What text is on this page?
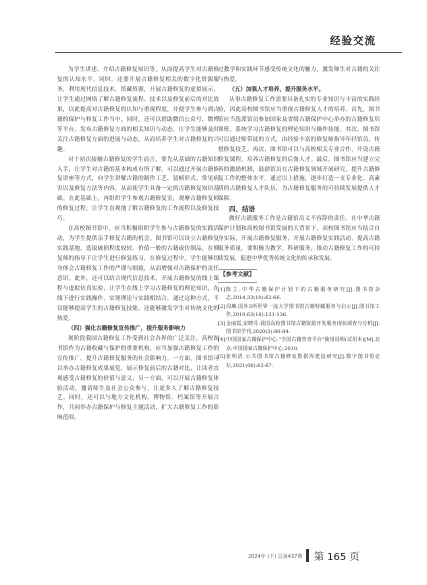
经验交流

为学生讲述、介绍古籍修复知识等，从而提高学生对古籍修复的认知水平。同时，还要开展古籍修复相关的数字化资源服务，利用现代信息技术、馆藏资源，开展古籍修复的虚拟展示，让学生通过网络了解古籍修复流程、技术以及修复前后的对比效果，以此提高对古籍修复的认知与重视程度，并使学生参与到古籍的保护与修复工作当中。同时，还可以借助微信公众号、微博等平台，发布古籍修复方面的相关知识与动态，让学生能够及时关注古籍修复方面的进展与动态，从而培养学生对古籍修复的兴趣。

对于初次接触古籍修复的学生而言，要先从基础的古籍知识入手，让学生对古籍的基本构成有所了解。可以通过开展古籍修复讲座等方式，向学生讲解古籍的制作工艺、装帧形式、常见病害以及修复方法等内容，从而使学生具备一定的古籍修复知识基础。在此基础上，再组织学生参观古籍修复室，观摩古籍修复师的修复过程，让学生直观地了解古籍修复的工作流程以及修复技巧。

在高校图书馆中，应当积极组织学生参与古籍修复的实践活动，为学生提供亲手修复古籍的机会。图书馆可以设立古籍修复实践基地，选取破损程度较轻、价值一般的古籍或仿制品，在修复师的指导下让学生进行修复练习。在修复过程中，学生能够切身体会古籍修复工作的严谨与细致，从而增强对古籍保护的责任意识。此外，还可以结合现代信息技术，开展古籍修复的线上课程与虚拟仿真实验，让学生在线上学习古籍修复的理论知识，在线下进行实践操作，实现理论与实践相结合。通过这种方式，不仅能够提高学生的古籍修复技能，还能够激发学生对传统文化的热爱。

（四）强化古籍修复宣传推广，提升服务影响力

现阶段我国古籍修复工作受到社会各界的广泛关注，高校图书馆作为古籍收藏与保护的重要机构，应当加强古籍修复工作的宣传推广，提升古籍修复服务的社会影响力。一方面，图书馆可以举办古籍修复成果展览，展示修复前后的古籍对比，让读者直观感受古籍修复的价值与意义；另一方面，可以开展古籍修复体验活动，邀请师生及社会公众参与，让更多人了解古籍修复技艺。同时，还可以与地方文化机构、博物馆、档案馆等开展合作，共同举办古籍保护与修复主题活动，扩大古籍修复工作的影响范围。

过教学和实践环节感受传统文化的魅力，激发师生对古籍的关注与热爱。

（五）加强人才培养，提升服务水平。

从事古籍修复工作需要具备扎实的专业知识与丰富的实践经验，因此高校图书馆应当重视古籍修复人才的培养。首先，图书馆应当选派馆员参加国家及省级古籍保护中心举办的古籍修复培训班，系统学习古籍修复的理论知识与操作技能。其次，图书馆可以通过师带徒的方式，由经验丰富的修复师指导年轻馆员，传授修复技艺。再次，图书馆可以与高校相关专业合作，开设古籍修复课程，培养古籍修复的后备人才。最后，图书馆应当建立完善的激励机制，鼓励馆员在古籍修复领域开展研究，提升古籍修复工作的整体水平。通过以上措施，逐步打造一支专业化、高素质的古籍修复人才队伍，为古籍修复服务的可持续发展提供人才保障。

四、结语

做好古籍服务工作是古籍馆员义不容辞的责任。在中华古籍保护计划和高校图书馆发展的大背景下，高校图书馆应当结合自身实际，开展古籍修复服务，开展古籍修复实践活动，提高古籍服务质量，要积极为教学、科研服务，推动古籍修复工作的可持续发展，促进中华优秀传统文化的传承和发展。

【参考文献】

[1] 陈立.中华古籍保护计划下的古籍服务研究[J].图书馆杂志,2014,33(10):62-66.

[2] 周琳.国外3所世界一流大学图书馆古籍特藏服务与启示[J].图书馆工作,2019,63(18):131-136.

[3] 金丽霞,宋晓芬.我国高校图书馆古籍资源开发服务现状调查与分析[J].图书馆学刊,2020(3):80-84.

[4] 中国国家古籍保护中心."全国古籍普查平台"使用说明(试用本)[M].北京:中国国家古籍保护中心,2010.

[5] 张明清.公共图书馆古籍修复数据库建设研究[J].数字图书馆论坛,2021(06):62-67.

2024年 (下) 总第437期 第 165 页
